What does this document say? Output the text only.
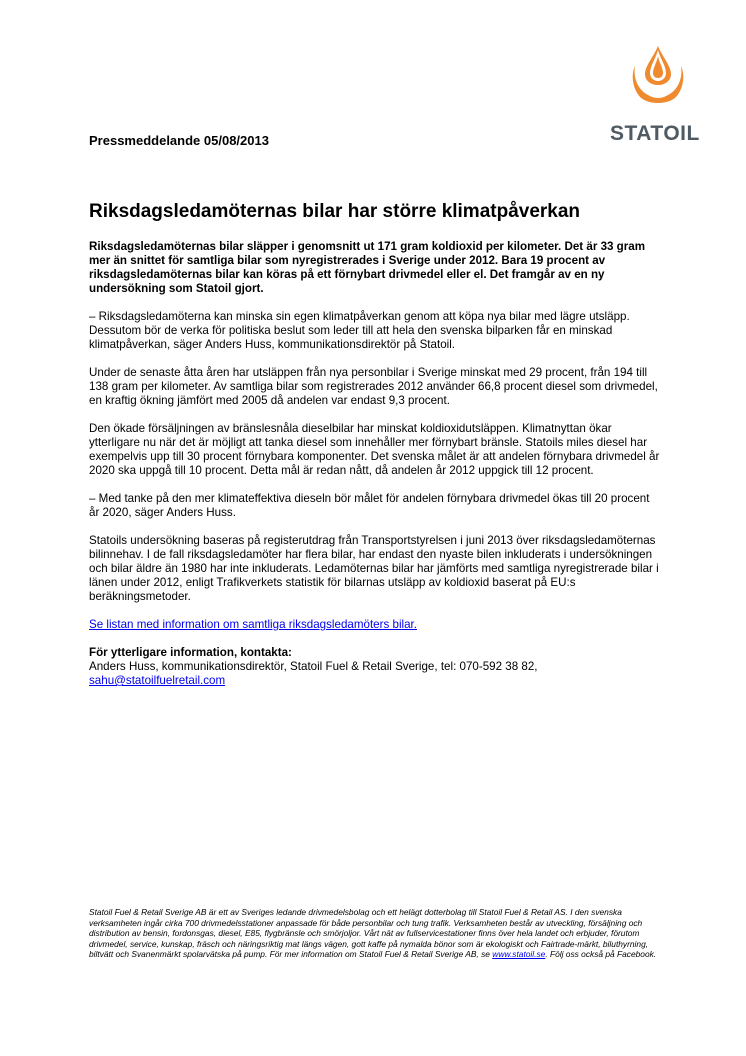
STATOIL
Pressmeddelande 05/08/2013
Riksdagsledamöternas bilar har större klimatpåverkan

Riksdagsledamöternas bilar släpper i genomsnitt ut 171 gram koldioxid per kilometer. Det är 33 gram mer än snittet för samtliga bilar som nyregistrerades i Sverige under 2012. Bara 19 procent av riksdagsledamöternas bilar kan köras på ett förnybart drivmedel eller el. Det framgår av en ny undersökning som Statoil gjort.

– Riksdagsledamöterna kan minska sin egen klimatpåverkan genom att köpa nya bilar med lägre utsläpp. Dessutom bör de verka för politiska beslut som leder till att hela den svenska bilparken får en minskad klimatpåverkan, säger Anders Huss, kommunikationsdirektör på Statoil.

Under de senaste åtta åren har utsläppen från nya personbilar i Sverige minskat med 29 procent, från 194 till 138 gram per kilometer. Av samtliga bilar som registrerades 2012 använder 66,8 procent diesel som drivmedel, en kraftig ökning jämfört med 2005 då andelen var endast 9,3 procent.

Den ökade försäljningen av bränslesnåla dieselbilar har minskat koldioxidutsläppen. Klimatnyttan ökar ytterligare nu när det är möjligt att tanka diesel som innehåller mer förnybart bränsle. Statoils miles diesel har exempelvis upp till 30 procent förnybara komponenter. Det svenska målet är att andelen förnybara drivmedel år 2020 ska uppgå till 10 procent. Detta mål är redan nått, då andelen år 2012 uppgick till 12 procent.

– Med tanke på den mer klimateffektiva dieseln bör målet för andelen förnybara drivmedel ökas till 20 procent år 2020, säger Anders Huss.

Statoils undersökning baseras på registerutdrag från Transportstyrelsen i juni 2013 över riksdagsledamöternas bilinnehav. I de fall riksdagsledamöter har flera bilar, har endast den nyaste bilen inkluderats i undersökningen och bilar äldre än 1980 har inte inkluderats. Ledamöternas bilar har jämförts med samtliga nyregistrerade bilar i länen under 2012, enligt Trafikverkets statistik för bilarnas utsläpp av koldioxid baserat på EU:s beräkningsmetoder.

Se listan med information om samtliga riksdagsledamöters bilar.

För ytterligare information, kontakta:
Anders Huss, kommunikationsdirektör, Statoil Fuel & Retail Sverige, tel: 070-592 38 82,
sahu@statoilfuelretail.com
Statoil Fuel & Retail Sverige AB är ett av Sveriges ledande drivmedelsbolag och ett helägt dotterbolag till Statoil Fuel & Retail AS. I den svenska verksamheten ingår cirka 700 drivmedelsstationer anpassade för både personbilar och tung trafik. Verksamheten består av utveckling, försäljning och distribution av bensin, fordonsgas, diesel, E85, flygbränsle och smörjoljor. Vårt nät av fullservicestationer finns över hela landet och erbjuder, förutom drivmedel, service, kunskap, fräsch och näringsriktig mat längs vägen, gott kaffe på nymalda bönor som är ekologiskt och Fairtrade-märkt, biluthyrning, biltvätt och Svanenmärkt spolarvätska på pump. För mer information om Statoil Fuel & Retail Sverige AB, se www.statoil.se. Följ oss också på Facebook.
